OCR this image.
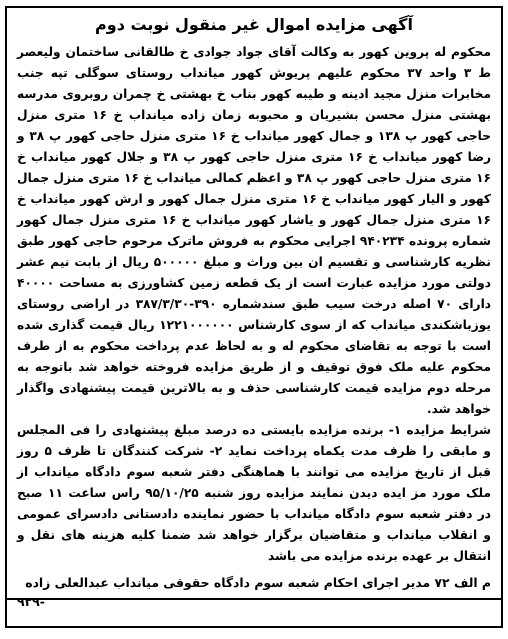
آگهی مزایده اموال غیر منقول نوبت دوم

محکوم له پروین کهور به وکالت آقای جواد جوادی خ طالقانی ساختمان ولیعصر ط ۳ واحد ۳۷ محکوم علیهم پریوش کهور میانداب روستای سوگلی تپه جنب مخابرات منزل مجید ادینه و طیبه کهور بناب خ بهشتی خ چمران روبروی مدرسه بهشتی منزل محسن بشیریان و محبوبه زمان زاده میانداب خ ۱۶ متری منزل حاجی کهور پ ۱۳۸ و جمال کهور میانداب خ ۱۶ متری منزل حاجی کهور پ ۳۸ و رضا کهور میانداب خ ۱۶ متری منزل حاجی کهور پ ۳۸ و جلال کهور میانداب خ ۱۶ متری منزل حاجی کهور پ ۳۸ و اعظم کمالی میانداب خ ۱۶ متری منزل جمال کهور و الیار کهور میانداب خ ۱۶ متری منزل جمال کهور و ارش کهور میانداب خ ۱۶ متری منزل جمال کهور و یاشار کهور میانداب خ ۱۶ متری منزل جمال کهور شماره پرونده ۹۴۰۲۳۴ اجرایی محکوم به فروش ماترک مرحوم حاجی کهور طبق نظریه کارشناسی و تقسیم ان بین وراث و مبلغ ۵۰۰۰۰۰ ریال از بابت نیم عشر دولتی مورد مزایده عبارت است از یک قطعه زمین کشاورزی به مساحت ۴۰۰۰۰ دارای ۷۰ اصله درخت سیب طبق سندشماره ۳۹۰-۳۸۷/۳/۳۰ در اراضی روستای یوزباشکندی میانداب که از سوی کارشناس ۱۲۲۱۰۰۰۰۰۰ ریال قیمت گذاری شده است با توجه به تقاضای محکوم له و به لحاظ عدم پرداخت محکوم به از طرف محکوم علیه ملک فوق توقیف و از طریق مزایده فروخته خواهد شد باتوجه به مرحله دوم مزایده قیمت کارشناسی حذف و به بالاترین قیمت پیشنهادی واگذار خواهد شد.

شرایط مزایده ۱- برنده مزایده بایستی ده درصد مبلغ پیشنهادی را فی المجلس و مابقی را ظرف مدت یکماه پرداخت نماید ۲- شرکت کنندگان تا ظرف ۵ روز قبل از تاریخ مزایده می توانند با هماهنگی دفتر شعبه سوم دادگاه میانداب از ملک مورد مز ایده دیدن نمایند مزایده روز شنبه ۹۵/۱۰/۲۵ راس ساعت ۱۱ صبح در دفتر شعبه سوم دادگاه میانداب با حضور نماینده دادستانی دادسرای عمومی و انقلاب میانداب و متقاضیان برگزار خواهد شد ضمنا کلیه هزینه های نقل و انتقال بر عهده برنده مزایده می باشد

م الف ۷۲ مدیر اجرای احکام شعبه سوم دادگاه حقوقی میانداب عبدالعلی زاده
۹۲۹-
